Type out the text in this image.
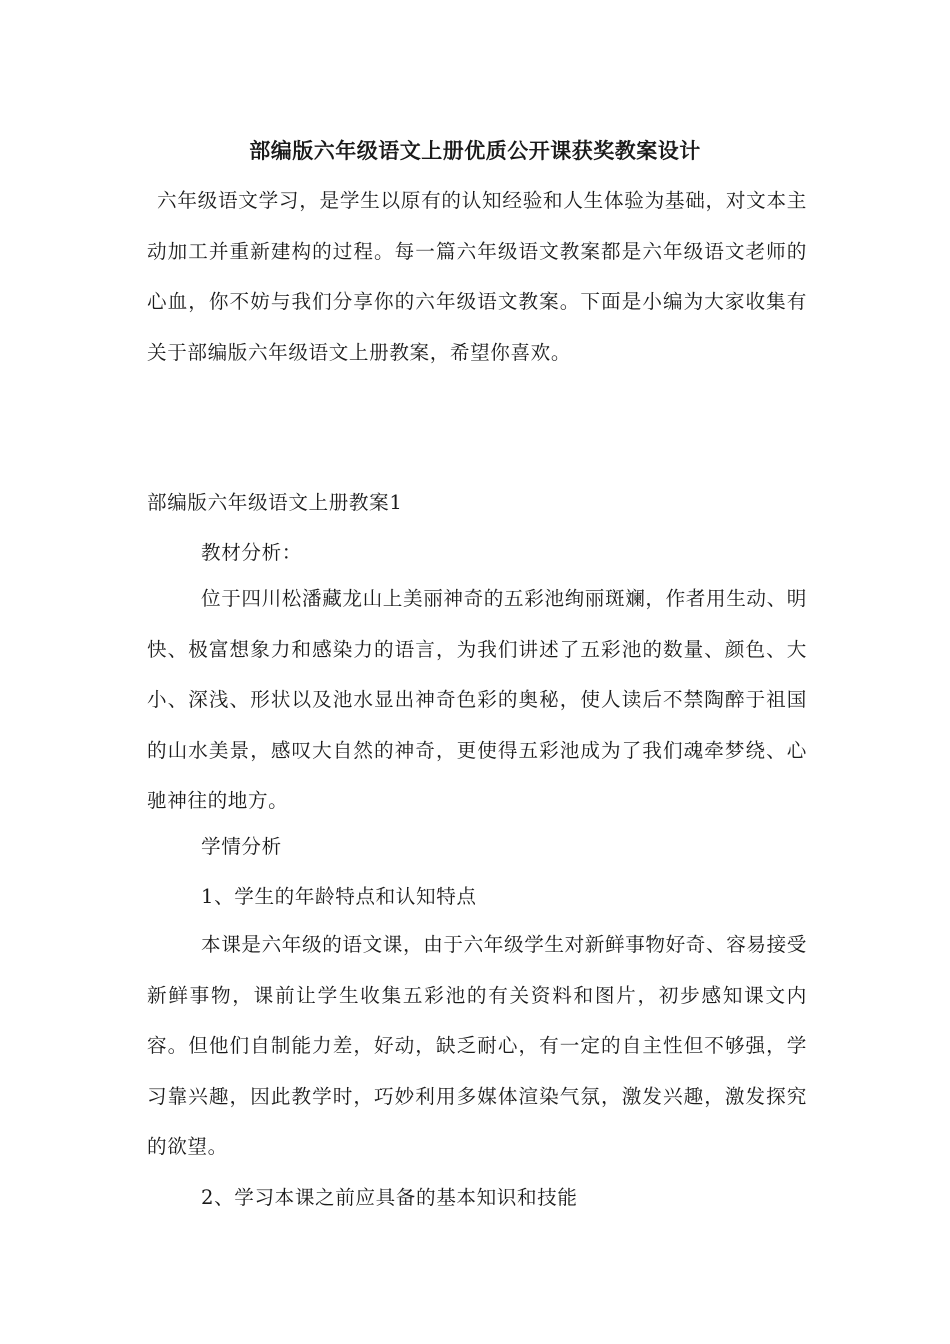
部编版六年级语文上册优质公开课获奖教案设计

六年级语文学习，是学生以原有的认知经验和人生体验为基础，对文本主动加工并重新建构的过程。每一篇六年级语文教案都是六年级语文老师的心血，你不妨与我们分享你的六年级语文教案。下面是小编为大家收集有关于部编版六年级语文上册教案，希望你喜欢。

部编版六年级语文上册教案1

教材分析：

位于四川松潘藏龙山上美丽神奇的五彩池绚丽斑斓，作者用生动、明快、极富想象力和感染力的语言，为我们讲述了五彩池的数量、颜色、大小、深浅、形状以及池水显出神奇色彩的奥秘，使人读后不禁陶醉于祖国的山水美景，感叹大自然的神奇，更使得五彩池成为了我们魂牵梦绕、心驰神往的地方。

学情分析

1、学生的年龄特点和认知特点

本课是六年级的语文课，由于六年级学生对新鲜事物好奇、容易接受新鲜事物，课前让学生收集五彩池的有关资料和图片，初步感知课文内容。但他们自制能力差，好动，缺乏耐心，有一定的自主性但不够强，学习靠兴趣，因此教学时，巧妙利用多媒体渲染气氛，激发兴趣，激发探究的欲望。

2、学习本课之前应具备的基本知识和技能
